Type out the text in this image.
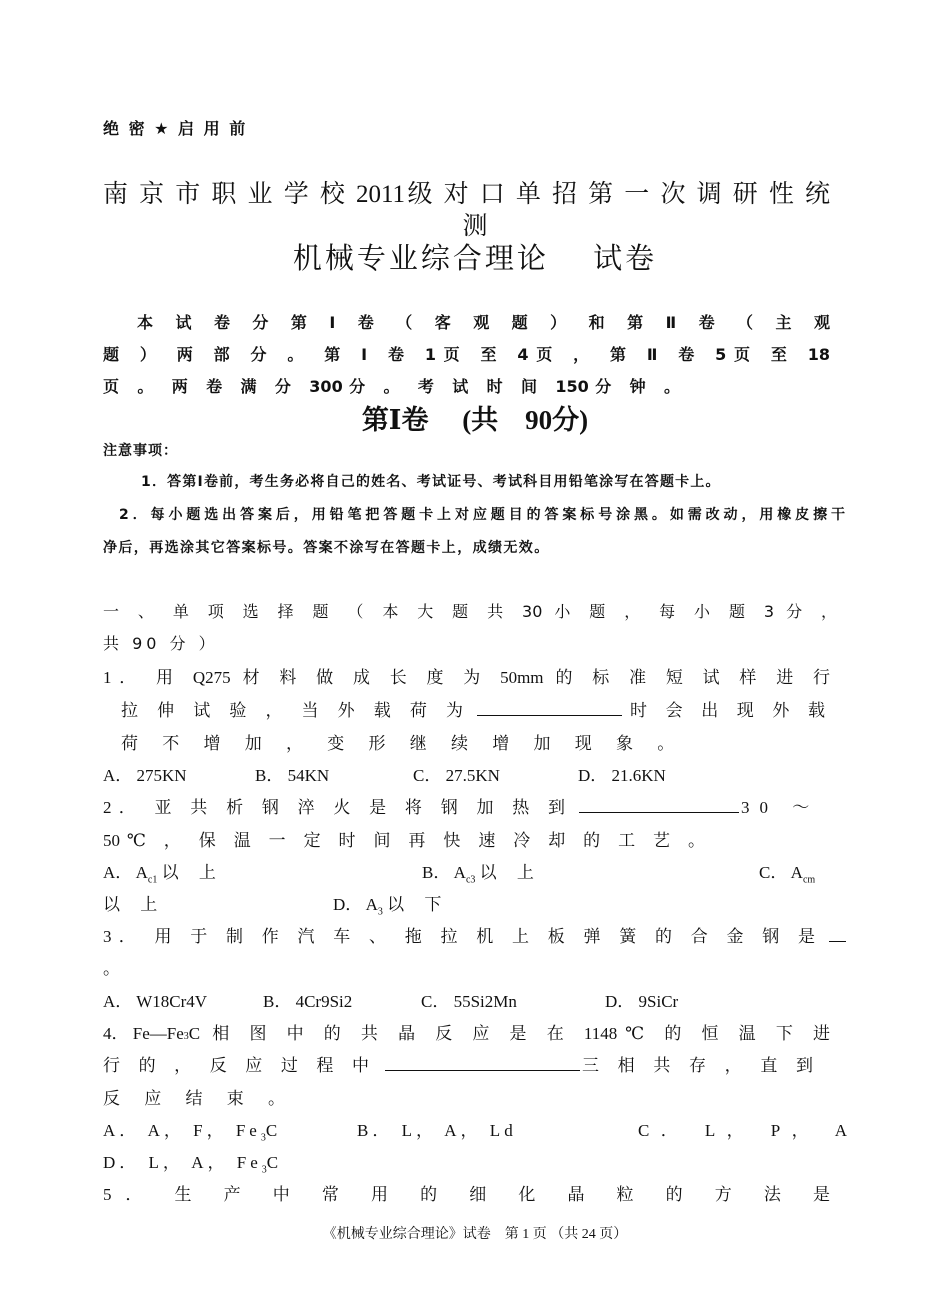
绝 密 ★ 启 用 前
南 京 市 职 业 学 校 2011级 对 口 单 招 第 一 次 调 研 性 统
测
机械专业综合理论　 试卷
本 试 卷 分 第 Ⅰ 卷 （ 客 观 题 ） 和 第 Ⅱ 卷 （ 主 观
题 ） 两 部 分 。 第 Ⅰ 卷 1页 至 4页 ， 第 Ⅱ 卷 5页 至 18
页 。 两 卷 满 分 300分 。 考 试 时 间 150分 钟 。
第Ⅰ卷　 (共　90分)
注意事项：
1．答第Ⅰ卷前，考生务必将自己的姓名、考试证号、考试科目用铅笔涂写在答题卡上。
2．每小题选出答案后，用铅笔把答题卡上对应题目的答案标号涂黑。如需改动，用橡皮擦干
净后，再选涂其它答案标号。答案不涂写在答题卡上，成绩无效。
一 、 单 项 选 择 题 （ 本 大 题 共 30 小 题 ， 每 小 题 3 分 ，
共 90 分 ）
1． 用 Q275 材 料 做 成 长 度 为 50mm 的 标 准 短 试 样 进 行
拉 伸 试 验 ， 当 外 载 荷 为	时 会 出 现 外 载
荷 不 增 加 ， 变 形 继 续 增 加 现 象 。
A． 275KN	B． 54KN	C． 27.5KN	D． 21.6KN
2． 亚 共 析 钢 淬 火 是 将 钢 加 热 到	30 ～
50℃ ， 保 温 一 定 时 间 再 快 速 冷 却 的 工 艺 。
A． $A_{c1}$ 以 上	B． $A_{c3}$ 以 上	C． $A_{cm}$
以 上	D． $A_3$ 以 下
3． 用 于 制 作 汽 车 、 拖 拉 机 上 板 弹 簧 的 合 金 钢 是
。
A． W18Cr4V	B． 4Cr9Si2	C． 55Si2Mn	D． 9SiCr
4． $Fe—Fe_3$ C 相 图 中 的 共 晶 反 应 是 在 1148℃ 的 恒 温 下 进
行 的 ， 反 应 过 程 中	三 相 共 存 ， 直 到
反 应 结 束 。
A． A， F， $Fe_3C$	B． L， A， Ld	C． L， P， A
D． L， A， $Fe_3C$
5． 生 产 中 常 用 的 细 化 晶 粒 的 方 法 是
《机械专业综合理论》试卷　第 1 页 （共 24 页）
